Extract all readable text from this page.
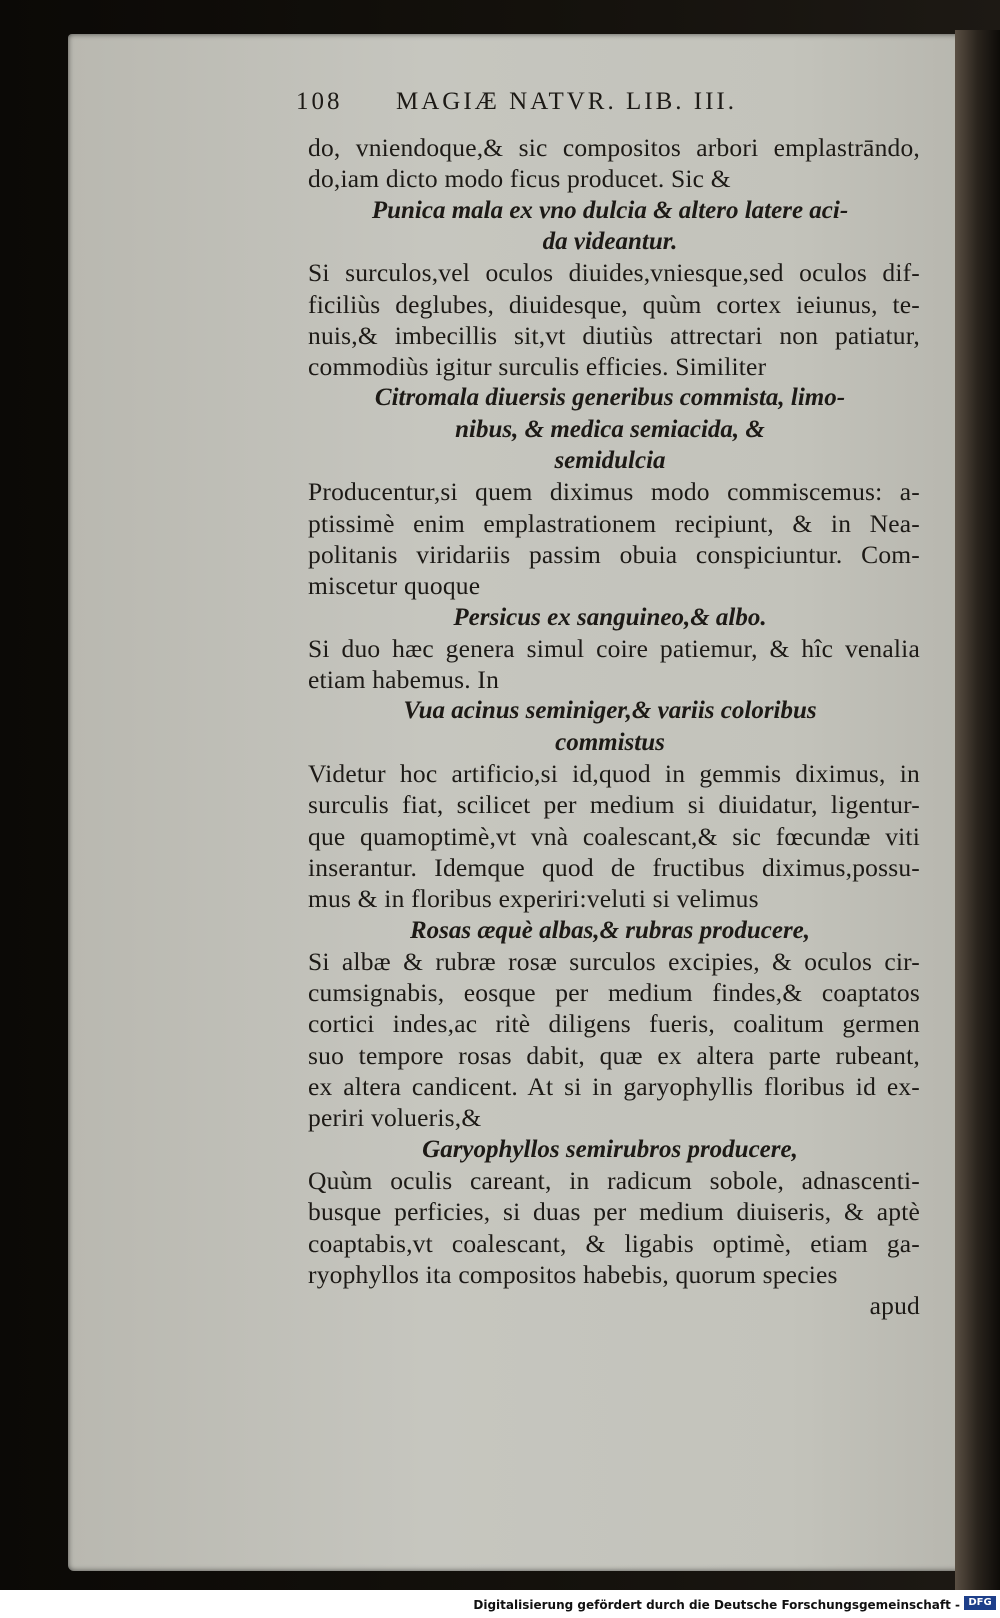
108 MAGIÆ NATVR. LIB. III.

do, vniendoque,& sic compositos arbori emplastrāndo,

do,iam dicto modo ficus producet. Sic &

Punica mala ex vno dulcia & altero latere aci-

da videantur.

Si surculos,vel oculos diuides,vniesque,sed oculos dif-

ficiliùs deglubes, diuidesque, quùm cortex ieiunus, te-

nuis,& imbecillis sit,vt diutiùs attrectari non patiatur,

commodiùs igitur surculis efficies. Similiter

Citromala diuersis generibus commista, limo-

nibus, & medica semiacida, &

semidulcia

Producentur,si quem diximus modo commiscemus: a-

ptissimè enim emplastrationem recipiunt, & in Nea-

politanis viridariis passim obuia conspiciuntur. Com-

miscetur quoque

Persicus ex sanguineo,& albo.

Si duo hæc genera simul coire patiemur, & hîc venalia

etiam habemus. In

Vua acinus seminiger,& variis coloribus

commistus

Videtur hoc artificio,si id,quod in gemmis diximus, in

surculis fiat, scilicet per medium si diuidatur, ligentur-

que quamoptimè,vt vnà coalescant,& sic fœcundæ viti

inserantur. Idemque quod de fructibus diximus,possu-

mus & in floribus experiri:veluti si velimus

Rosas æquè albas,& rubras producere,

Si albæ & rubræ rosæ surculos excipies, & oculos cir-

cumsignabis, eosque per medium findes,& coaptatos

cortici indes,ac ritè diligens fueris, coalitum germen

suo tempore rosas dabit, quæ ex altera parte rubeant,

ex altera candicent. At si in garyophyllis floribus id ex-

periri volueris,&

Garyophyllos semirubros producere,

Quùm oculis careant, in radicum sobole, adnascenti-

busque perficies, si duas per medium diuiseris, & aptè

coaptabis,vt coalescant, & ligabis optimè, etiam ga-

ryophyllos ita compositos habebis, quorum species

apud

Digitalisierung gefördert durch die Deutsche Forschungsgemeinschaft - DFG
